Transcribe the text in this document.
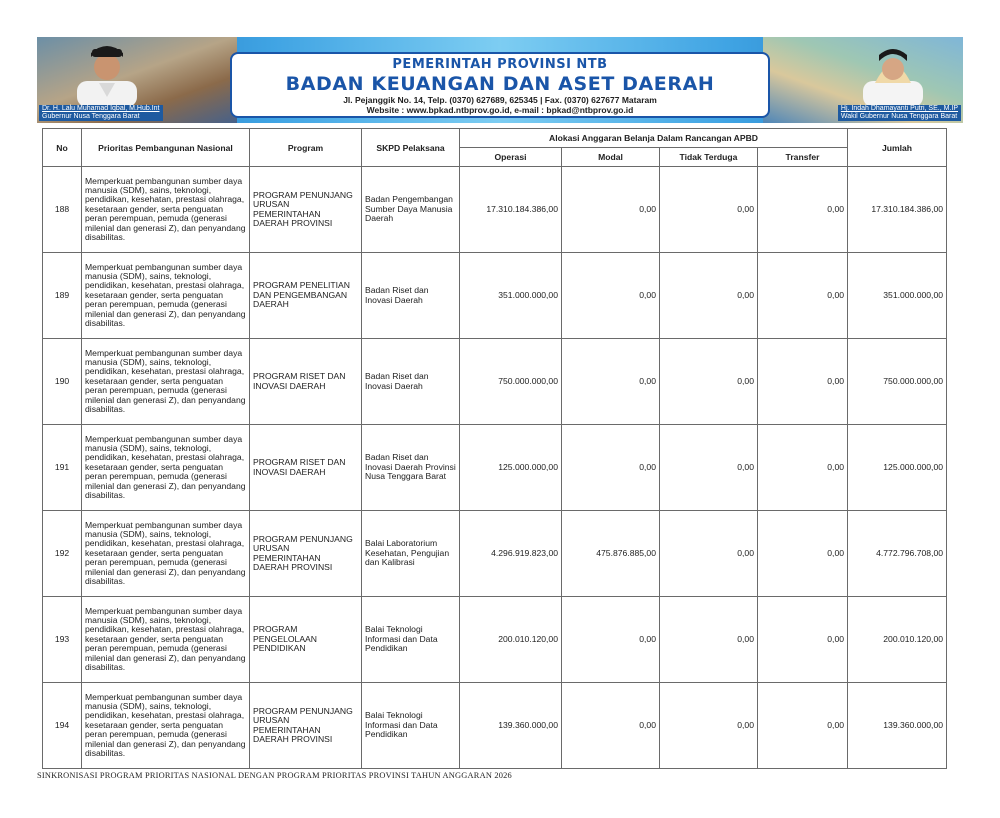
Dr. H. Lalu Muhamad Iqbal, M.Hub.Int
Gubernur Nusa Tenggara Barat
Hj. Indah Dhamayanti Putri, SE., M.IP
Wakil Gubernur Nusa Tenggara Barat
PEMERINTAH PROVINSI NTB
BADAN KEUANGAN DAN ASET DAERAH
Jl. Pejanggik No. 14, Telp. (0370) 627689, 625345 | Fax. (0370) 627677 Mataram
Website : www.bpkad.ntbprov.go.id, e-mail : bpkad@ntbprov.go.id
No	Prioritas Pembangunan Nasional	Program	SKPD Pelaksana	Alokasi Anggaran Belanja Dalam Rancangan APBD				Jumlah
				Operasi	Modal	Tidak Terduga	Transfer	
188	Memperkuat pembangunan sumber daya manusia (SDM), sains, teknologi, pendidikan, kesehatan, prestasi olahraga, kesetaraan gender, serta penguatan peran perempuan, pemuda (generasi milenial dan generasi Z), dan penyandang disabilitas.	PROGRAM PENUNJANG URUSAN PEMERINTAHAN DAERAH PROVINSI	Badan Pengembangan Sumber Daya Manusia Daerah	17.310.184.386,00	0,00	0,00	0,00	17.310.184.386,00
189	Memperkuat pembangunan sumber daya manusia (SDM), sains, teknologi, pendidikan, kesehatan, prestasi olahraga, kesetaraan gender, serta penguatan peran perempuan, pemuda (generasi milenial dan generasi Z), dan penyandang disabilitas.	PROGRAM PENELITIAN DAN PENGEMBANGAN DAERAH	Badan Riset dan Inovasi Daerah	351.000.000,00	0,00	0,00	0,00	351.000.000,00
190	Memperkuat pembangunan sumber daya manusia (SDM), sains, teknologi, pendidikan, kesehatan, prestasi olahraga, kesetaraan gender, serta penguatan peran perempuan, pemuda (generasi milenial dan generasi Z), dan penyandang disabilitas.	PROGRAM RISET DAN INOVASI DAERAH	Badan Riset dan Inovasi Daerah	750.000.000,00	0,00	0,00	0,00	750.000.000,00
191	Memperkuat pembangunan sumber daya manusia (SDM), sains, teknologi, pendidikan, kesehatan, prestasi olahraga, kesetaraan gender, serta penguatan peran perempuan, pemuda (generasi milenial dan generasi Z), dan penyandang disabilitas.	PROGRAM RISET DAN INOVASI DAERAH	Badan Riset dan Inovasi Daerah Provinsi Nusa Tenggara Barat	125.000.000,00	0,00	0,00	0,00	125.000.000,00
192	Memperkuat pembangunan sumber daya manusia (SDM), sains, teknologi, pendidikan, kesehatan, prestasi olahraga, kesetaraan gender, serta penguatan peran perempuan, pemuda (generasi milenial dan generasi Z), dan penyandang disabilitas.	PROGRAM PENUNJANG URUSAN PEMERINTAHAN DAERAH PROVINSI	Balai Laboratorium Kesehatan, Pengujian dan Kalibrasi	4.296.919.823,00	475.876.885,00	0,00	0,00	4.772.796.708,00
193	Memperkuat pembangunan sumber daya manusia (SDM), sains, teknologi, pendidikan, kesehatan, prestasi olahraga, kesetaraan gender, serta penguatan peran perempuan, pemuda (generasi milenial dan generasi Z), dan penyandang disabilitas.	PROGRAM PENGELOLAAN PENDIDIKAN	Balai Teknologi Informasi dan Data Pendidikan	200.010.120,00	0,00	0,00	0,00	200.010.120,00
194	Memperkuat pembangunan sumber daya manusia (SDM), sains, teknologi, pendidikan, kesehatan, prestasi olahraga, kesetaraan gender, serta penguatan peran perempuan, pemuda (generasi milenial dan generasi Z), dan penyandang disabilitas.	PROGRAM PENUNJANG URUSAN PEMERINTAHAN DAERAH PROVINSI	Balai Teknologi Informasi dan Data Pendidikan	139.360.000,00	0,00	0,00	0,00	139.360.000,00
SINKRONISASI PROGRAM PRIORITAS NASIONAL DENGAN PROGRAM PRIORITAS PROVINSI TAHUN ANGGARAN 2026
